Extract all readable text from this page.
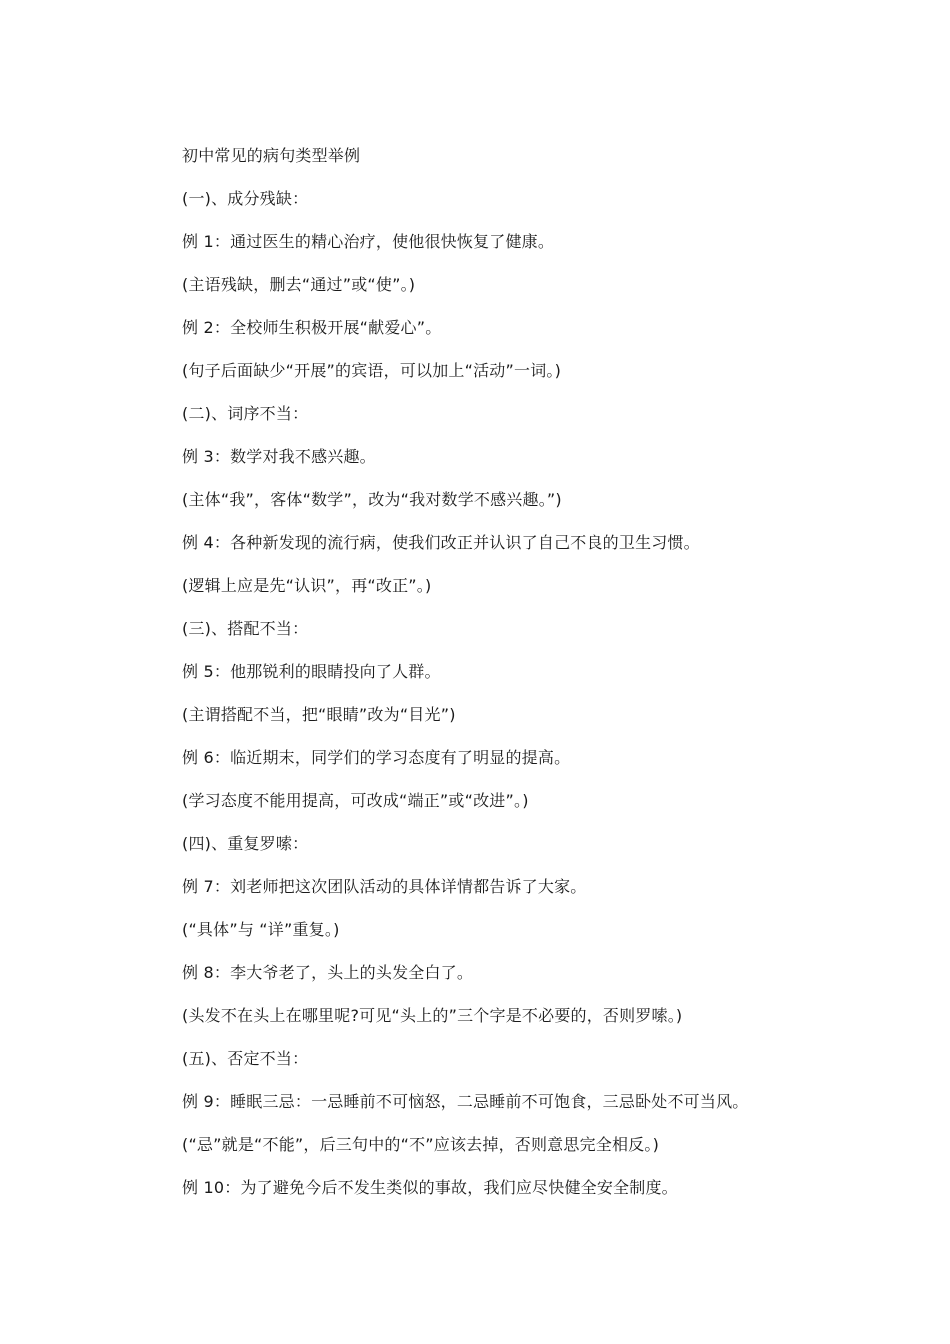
初中常见的病句类型举例
(一)、成分残缺：
例 1：通过医生的精心治疗，使他很快恢复了健康。
(主语残缺，删去“通过”或“使”。)
例 2：全校师生积极开展“献爱心”。
(句子后面缺少“开展”的宾语，可以加上“活动”一词。)
(二)、词序不当：
例 3：数学对我不感兴趣。
(主体“我”，客体“数学”，改为“我对数学不感兴趣。”)
例 4：各种新发现的流行病，使我们改正并认识了自己不良的卫生习惯。
(逻辑上应是先“认识”，再“改正”。)
(三)、搭配不当：
例 5：他那锐利的眼睛投向了人群。
(主谓搭配不当，把“眼睛”改为“目光”)
例 6：临近期末，同学们的学习态度有了明显的提高。
(学习态度不能用提高，可改成“端正”或“改进”。)
(四)、重复罗嗦：
例 7：刘老师把这次团队活动的具体详情都告诉了大家。
(“具体”与 “详”重复。)
例 8：李大爷老了，头上的头发全白了。
(头发不在头上在哪里呢?可见“头上的”三个字是不必要的，否则罗嗦。)
(五)、否定不当：
例 9：睡眠三忌：一忌睡前不可恼怒，二忌睡前不可饱食，三忌卧处不可当风。
(“忌”就是“不能”，后三句中的“不”应该去掉，否则意思完全相反。)
例 10：为了避免今后不发生类似的事故，我们应尽快健全安全制度。
